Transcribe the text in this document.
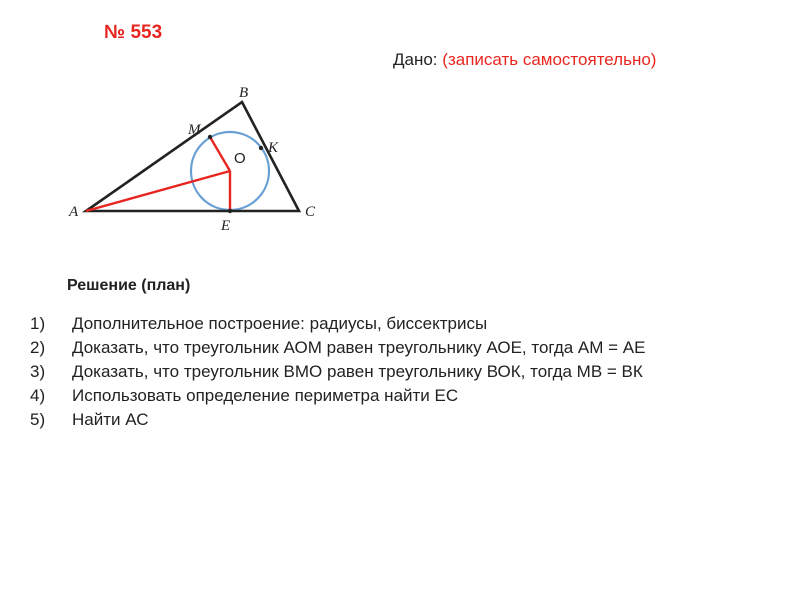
№ 553
Дано: (записать самостоятельно)
A
B
C
M
K
E
O
Решение (план)
1)	Дополнительное построение: радиусы, биссектрисы
2)	Доказать, что треугольник АОМ равен треугольнику АОЕ, тогда АМ = АЕ
3)	Доказать, что треугольник ВМО равен треугольнику ВОК, тогда МВ = ВК
4)	Использовать определение периметра найти ЕС
5)	Найти АС
